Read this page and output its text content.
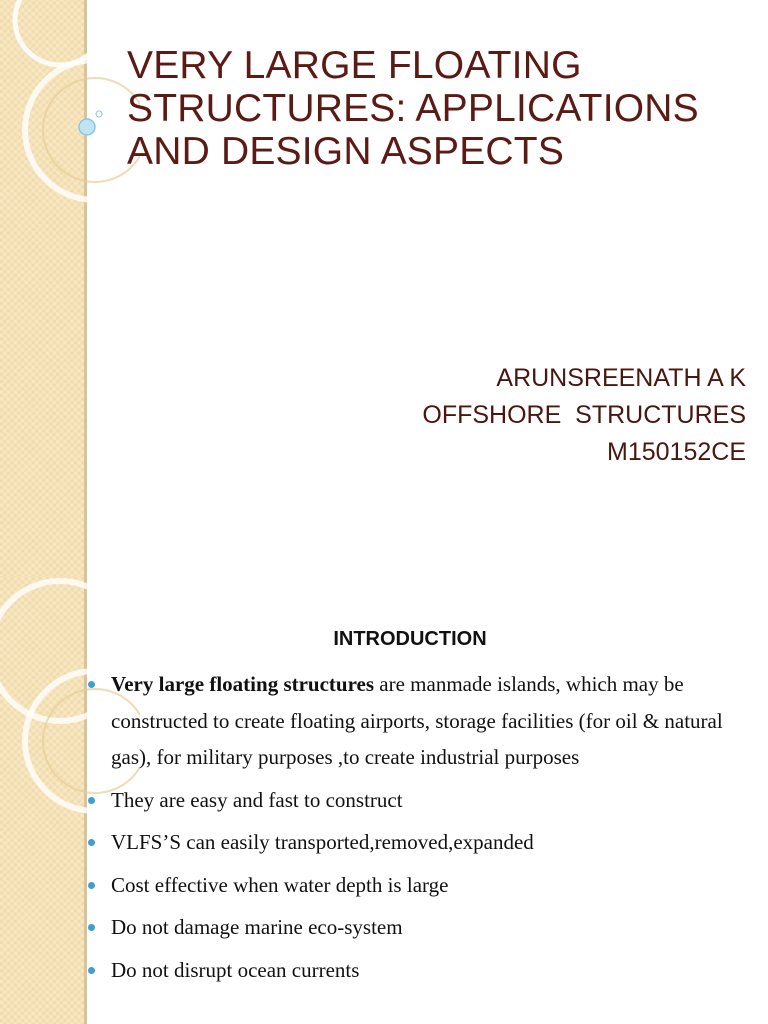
VERY LARGE FLOATING STRUCTURES: APPLICATIONS AND DESIGN ASPECTS
ARUNSREENATH A K
OFFSHORE  STRUCTURES
M150152CE
INTRODUCTION
Very large floating structures are manmade islands, which may be constructed to create floating airports, storage facilities (for oil & natural gas), for military purposes ,to create industrial purposes
They are easy and fast to construct
VLFS’S can easily transported,removed,expanded
Cost effective when water depth is large
Do not damage marine eco-system
Do not disrupt ocean currents
